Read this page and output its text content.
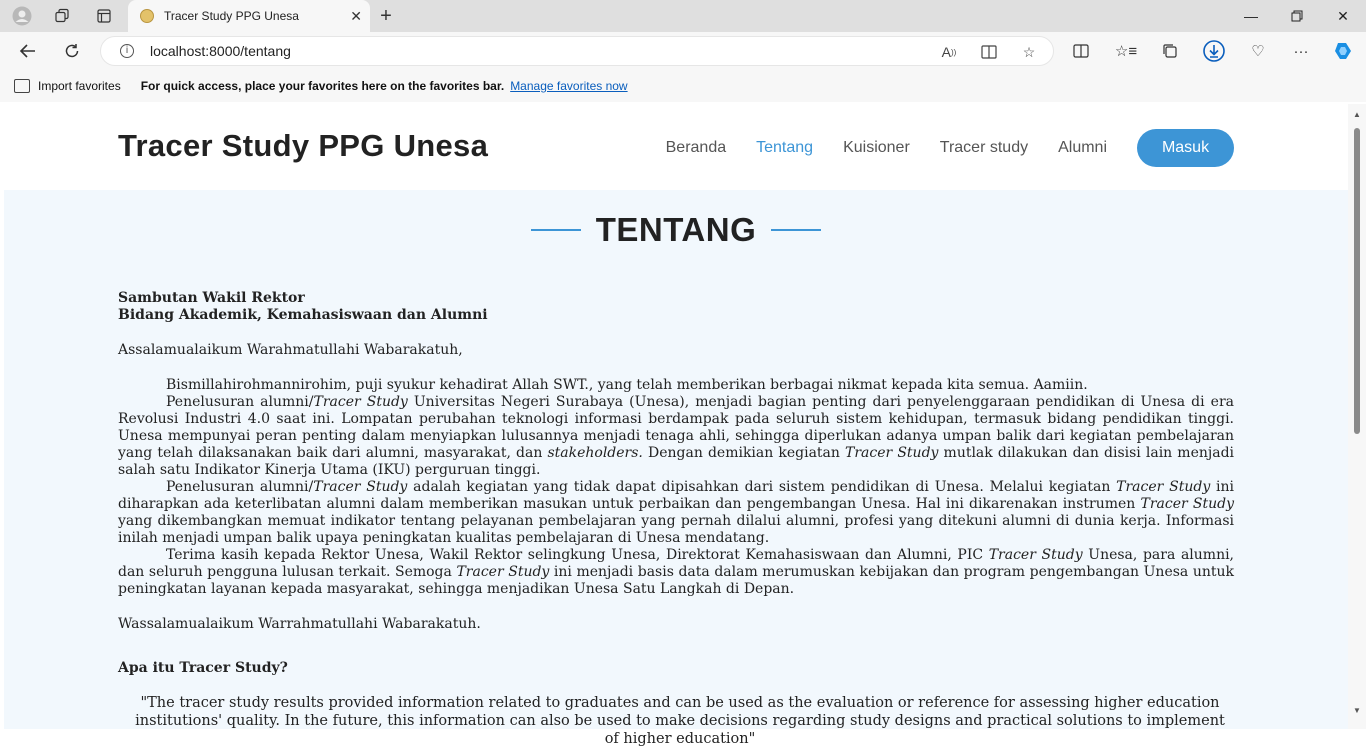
Tracer Study PPG Unesa	✕ +	—	✕
i	localhost:8000/tentang	A ))	☆	☆≡	♡	···
Import favorites For quick access, place your favorites here on the favorites bar. Manage favorites now
Tracer Study PPG Unesa	Beranda Tentang Kuisioner Tracer study Alumni	Masuk
TENTANG
Sambutan Wakil Rektor
Bidang Akademik, Kemahasiswaan dan Alumni
Assalamualaikum Warahmatullahi Wabarakatuh,
Bismillahirohmannirohim, puji syukur kehadirat Allah SWT., yang telah memberikan berbagai nikmat kepada kita semua. Aamiin.
Penelusuran alumni/Tracer Study Universitas Negeri Surabaya (Unesa), menjadi bagian penting dari penyelenggaraan pendidikan di Unesa di era Revolusi Industri 4.0 saat ini. Lompatan perubahan teknologi informasi berdampak pada seluruh sistem kehidupan, termasuk bidang pendidikan tinggi. Unesa mempunyai peran penting dalam menyiapkan lulusannya menjadi tenaga ahli, sehingga diperlukan adanya umpan balik dari kegiatan pembelajaran yang telah dilaksanakan baik dari alumni, masyarakat, dan stakeholders. Dengan demikian kegiatan Tracer Study mutlak dilakukan dan disisi lain menjadi salah satu Indikator Kinerja Utama (IKU) perguruan tinggi.
Penelusuran alumni/Tracer Study adalah kegiatan yang tidak dapat dipisahkan dari sistem pendidikan di Unesa. Melalui kegiatan Tracer Study ini diharapkan ada keterlibatan alumni dalam memberikan masukan untuk perbaikan dan pengembangan Unesa. Hal ini dikarenakan instrumen Tracer Study yang dikembangkan memuat indikator tentang pelayanan pembelajaran yang pernah dilalui alumni, profesi yang ditekuni alumni di dunia kerja. Informasi inilah menjadi umpan balik upaya peningkatan kualitas pembelajaran di Unesa mendatang.
Terima kasih kepada Rektor Unesa, Wakil Rektor selingkung Unesa, Direktorat Kemahasiswaan dan Alumni, PIC Tracer Study Unesa, para alumni, dan seluruh pengguna lulusan terkait. Semoga Tracer Study ini menjadi basis data dalam merumuskan kebijakan dan program pengembangan Unesa untuk peningkatan layanan kepada masyarakat, sehingga menjadikan Unesa Satu Langkah di Depan.
Wassalamualaikum Warrahmatullahi Wabarakatuh.
Apa itu Tracer Study?
"The tracer study results provided information related to graduates and can be used as the evaluation or reference for assessing higher education institutions' quality. In the future, this information can also be used to make decisions regarding study designs and practical solutions to implement of higher education"
▲
▼
